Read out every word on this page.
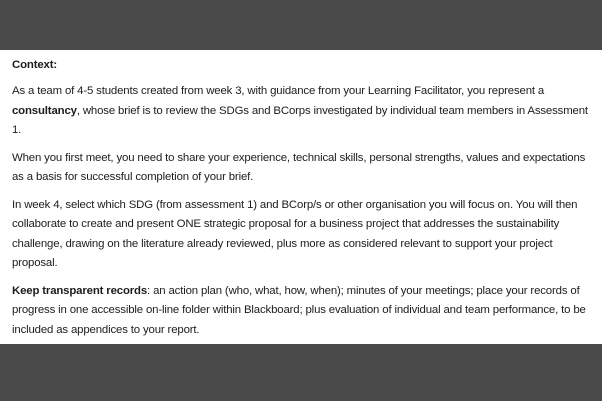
Context:

As a team of 4-5 students created from week 3, with guidance from your Learning Facilitator, you represent a consultancy, whose brief is to review the SDGs and BCorps investigated by individual team members in Assessment 1.

When you first meet, you need to share your experience, technical skills, personal strengths, values and expectations as a basis for successful completion of your brief.

In week 4, select which SDG (from assessment 1) and BCorp/s or other organisation you will focus on. You will then collaborate to create and present ONE strategic proposal for a business project that addresses the sustainability challenge, drawing on the literature already reviewed, plus more as considered relevant to support your project proposal.

Keep transparent records: an action plan (who, what, how, when); minutes of your meetings; place your records of progress in one accessible on-line folder within Blackboard; plus evaluation of individual and team performance, to be included as appendices to your report.
